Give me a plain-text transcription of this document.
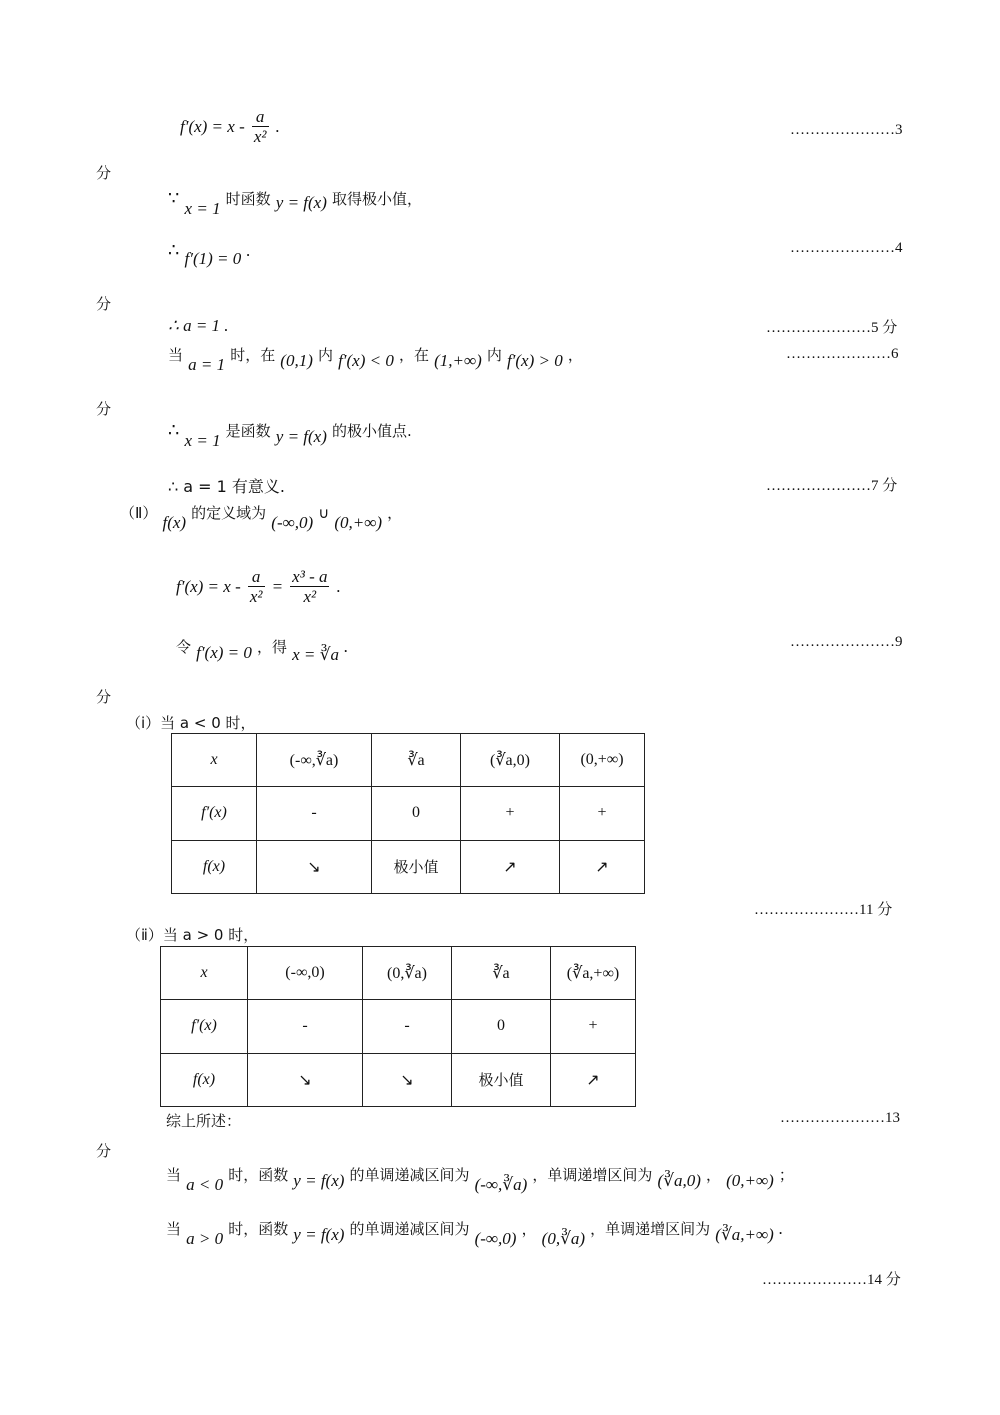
$f'(x) = x - \frac{a}{\text{x²}}$ .	…………………3
分
∵ x = 1 时函数 y = f(x) 取得极小值，
∴ f′(1) = 0 .	…………………4
分
∴ a = 1 .	…………………5 分
当 a = 1 时，在 (0,1) 内 f′(x) < 0 ，在 (1,+∞) 内 f′(x) > 0 ，	…………………6
分
∴ x = 1 是函数 y = f(x) 的极小值点.
∴ a = 1 有意义.	…………………7 分
（Ⅱ） f(x) 的定义域为 (-∞,0) ∪ (0,+∞) ，
$f'(x) = x - \frac{a}{\text{x²}} = \frac{\text{x³ - a}}{\text{x²}}$ .
令 f′(x) = 0 ，得 x = ∛a .	…………………9
分
（ⅰ）当 a < 0 时，
x	(-∞,∛a)	∛a	(∛a,0)	(0,+∞)
f′(x)	-	0	+	+
f(x)	↘	极小值	↗	↗
…………………11 分
（ⅱ）当 a > 0 时，
x	(-∞,0)	(0,∛a)	∛a	(∛a,+∞)
f′(x)	-	-	0	+
f(x)	↘	↘	极小值	↗
综上所述：	…………………13
分
当 a < 0 时，函数 y = f(x) 的单调递减区间为 (-∞,∛a) ，单调递增区间为 (∛a,0) ， (0,+∞) ；
当 a > 0 时，函数 y = f(x) 的单调递减区间为 (-∞,0) ， (0,∛a) ，单调递增区间为 (∛a,+∞) .
…………………14 分
